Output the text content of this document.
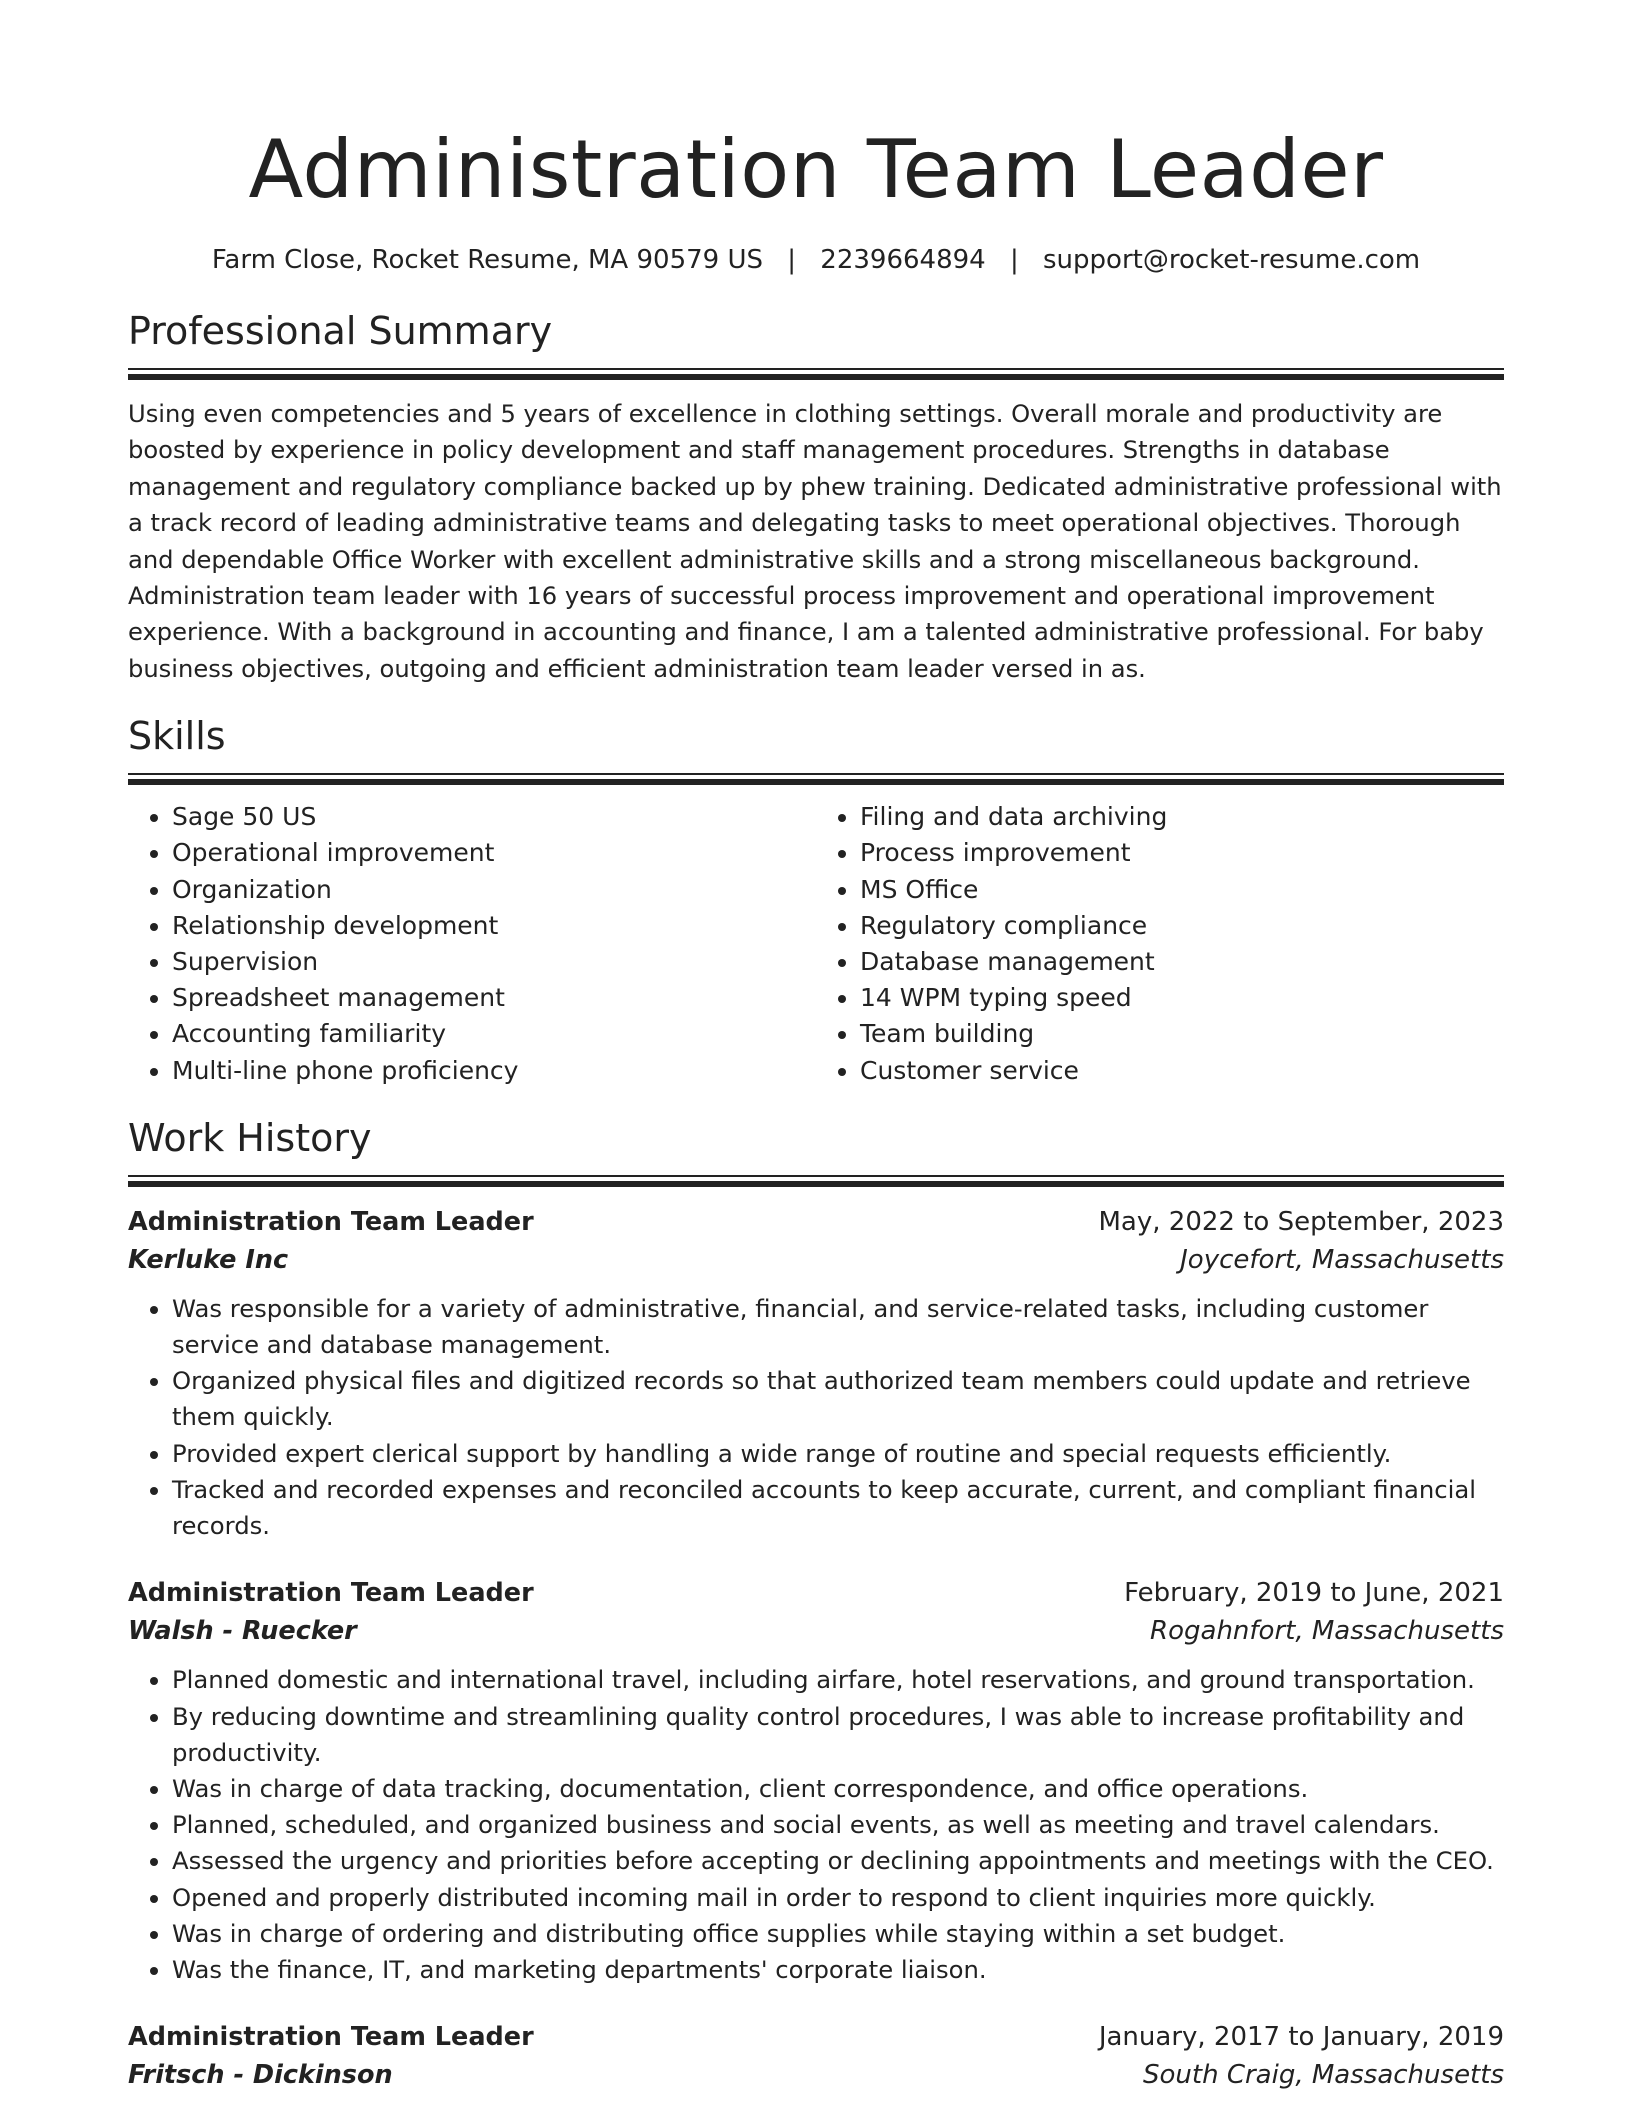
Administration Team Leader
Farm Close, Rocket Resume, MA 90579 US | 2239664894 | support@rocket-resume.com
Professional Summary

Using even competencies and 5 years of excellence in clothing settings. Overall morale and productivity are boosted by experience in policy development and staff management procedures. Strengths in database management and regulatory compliance backed up by phew training. Dedicated administrative professional with a track record of leading administrative teams and delegating tasks to meet operational objectives. Thorough and dependable Office Worker with excellent administrative skills and a strong miscellaneous background. Administration team leader with 16 years of successful process improvement and operational improvement experience. With a background in accounting and finance, I am a talented administrative professional. For baby business objectives, outgoing and efficient administration team leader versed in as.

Skills
• Sage 50 US
• Operational improvement
• Organization
• Relationship development
• Supervision
• Spreadsheet management
• Accounting familiarity
• Multi-line phone proficiency
• Filing and data archiving
• Process improvement
• MS Office
• Regulatory compliance
• Database management
• 14 WPM typing speed
• Team building
• Customer service
Work History
Administration Team Leader	May, 2022 to September, 2023
Kerluke Inc	Joycefort, Massachusetts
• Was responsible for a variety of administrative, financial, and service-related tasks, including customer service and database management.
• Organized physical files and digitized records so that authorized team members could update and retrieve them quickly.
• Provided expert clerical support by handling a wide range of routine and special requests efficiently.
• Tracked and recorded expenses and reconciled accounts to keep accurate, current, and compliant financial records.
Administration Team Leader	February, 2019 to June, 2021
Walsh - Ruecker	Rogahnfort, Massachusetts
• Planned domestic and international travel, including airfare, hotel reservations, and ground transportation.
• By reducing downtime and streamlining quality control procedures, I was able to increase profitability and productivity.
• Was in charge of data tracking, documentation, client correspondence, and office operations.
• Planned, scheduled, and organized business and social events, as well as meeting and travel calendars.
• Assessed the urgency and priorities before accepting or declining appointments and meetings with the CEO.
• Opened and properly distributed incoming mail in order to respond to client inquiries more quickly.
• Was in charge of ordering and distributing office supplies while staying within a set budget.
• Was the finance, IT, and marketing departments' corporate liaison.
Administration Team Leader	January, 2017 to January, 2019
Fritsch - Dickinson	South Craig, Massachusetts
